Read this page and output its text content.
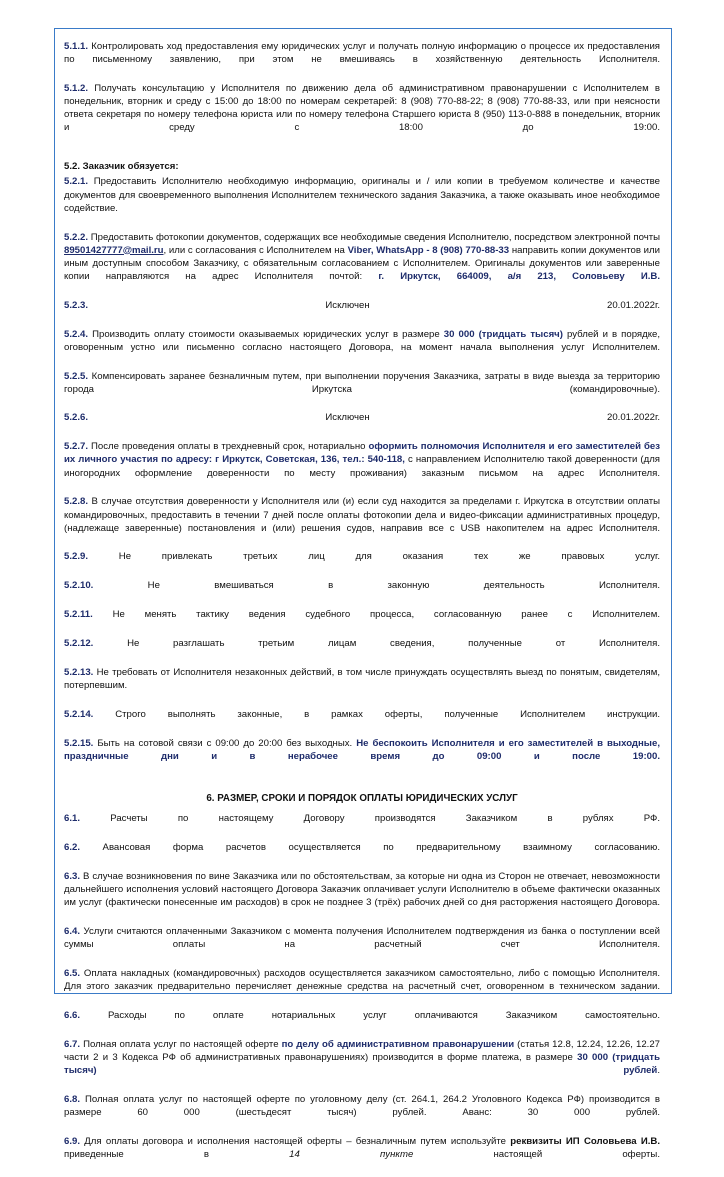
5.1.1. Контролировать ход предоставления ему юридических услуг и получать полную информацию о процессе их предоставления по письменному заявлению, при этом не вмешиваясь в хозяйственную деятельность Исполнителя.

5.1.2. Получать консультацию у Исполнителя по движению дела об административном правонарушении с Исполнителем в понедельник, вторник и среду с 15:00 до 18:00 по номерам секретарей: 8 (908) 770-88-22; 8 (908) 770-88-33, или при неясности ответа секретаря по номеру телефона юриста или по номеру телефона Старшего юриста 8 (950) 113-0-888 в понедельник, вторник и среду с 18:00 до 19:00.

5.2. Заказчик обязуется:

5.2.1. Предоставить Исполнителю необходимую информацию, оригиналы и / или копии в требуемом количестве и качестве документов для своевременного выполнения Исполнителем технического задания Заказчика, а также оказывать иное необходимое содействие.

5.2.2. Предоставить фотокопии документов, содержащих все необходимые сведения Исполнителю, посредством электронной почты 89501427777@mail.ru, или с согласования с Исполнителем на Viber, WhatsApp - 8 (908) 770-88-33 направить копии документов или иным доступным способом Заказчику, с обязательным согласованием с Исполнителем. Оригиналы документов или заверенные копии направляются на адрес Исполнителя почтой: г. Иркутск, 664009, а/я 213, Соловьеву И.В.

5.2.3.	Исключен 20.01.2022г.

5.2.4. Производить оплату стоимости оказываемых юридических услуг в размере 30 000 (тридцать тысяч) рублей и в порядке, оговоренным устно или письменно согласно настоящего Договора, на момент начала выполнения услуг Исполнителем.

5.2.5. Компенсировать заранее безналичным путем, при выполнении поручения Заказчика, затраты в виде выезда за территорию города Иркутска (командировочные).

5.2.6.	Исключен 20.01.2022г.

5.2.7. После проведения оплаты в трехдневный срок, нотариально оформить полномочия Исполнителя и его заместителей без их личного участия по адресу: г Иркутск, Советская, 136, тел.: 540-118, с направлением Исполнителю такой доверенности (для иногородних оформление доверенности по месту проживания) заказным письмом на адрес Исполнителя.

5.2.8. В случае отсутствия доверенности у Исполнителя или (и) если суд находится за пределами г. Иркутска в отсутствии оплаты командировочных, предоставить в течении 7 дней после оплаты фотокопии дела и видео-фиксации административных процедур, (надлежаще заверенные) постановления и (или) решения судов, направив все с USB накопителем на адрес Исполнителя.

5.2.9.	Не привлекать третьих лиц для оказания тех же правовых услуг.

5.2.10.	Не вмешиваться в законную деятельность Исполнителя.

5.2.11. Не менять тактику ведения судебного процесса, согласованную ранее с Исполнителем.

5.2.12.	Не разглашать третьим лицам сведения, полученные от Исполнителя.

5.2.13. Не требовать от Исполнителя незаконных действий, в том числе принуждать осуществлять выезд по понятым, свидетелям, потерпевшим.

5.2.14. Строго выполнять законные, в рамках оферты, полученные Исполнителем инструкции.

5.2.15. Быть на сотовой связи с 09:00 до 20:00 без выходных. Не беспокоить Исполнителя и его заместителей в выходные, праздничные дни и в нерабочее время до 09:00 и после 19:00.

6. РАЗМЕР, СРОКИ И ПОРЯДОК ОПЛАТЫ ЮРИДИЧЕСКИХ УСЛУГ

6.1.	Расчеты по настоящему Договору производятся Заказчиком в рублях РФ.

6.2. Авансовая форма расчетов осуществляется по предварительному взаимному согласованию.

6.3. В случае возникновения по вине Заказчика или по обстоятельствам, за которые ни одна из Сторон не отвечает, невозможности дальнейшего исполнения условий настоящего Договора Заказчик оплачивает услуги Исполнителю в объеме фактически оказанных им услуг (фактически понесенные им расходов) в срок не позднее 3 (трёх) рабочих дней со дня расторжения настоящего Договора.

6.4. Услуги считаются оплаченными Заказчиком с момента получения Исполнителем подтверждения из банка о поступлении всей суммы оплаты на расчетный счет Исполнителя.

6.5. Оплата накладных (командировочных) расходов осуществляется заказчиком самостоятельно, либо с помощью Исполнителя. Для этого заказчик предварительно перечисляет денежные средства на расчетный счет, оговоренном в техническом задании.

6.6.	Расходы по оплате нотариальных услуг оплачиваются Заказчиком самостоятельно.

6.7. Полная оплата услуг по настоящей оферте по делу об административном правонарушении (статья 12.8, 12.24, 12.26, 12.27 части 2 и 3 Кодекса РФ об административных правонарушениях) производится в форме платежа, в размере 30 000 (тридцать тысяч) рублей.

6.8. Полная оплата услуг по настоящей оферте по уголовному делу (ст. 264.1, 264.2 Уголовного Кодекса РФ) производится в размере 60 000 (шестьдесят тысяч) рублей. Аванс: 30 000 рублей.

6.9. Для оплаты договора и исполнения настоящей оферты – безналичным путем используйте реквизиты ИП Соловьева И.В. приведенные в	14 пункте	настоящей оферты.
